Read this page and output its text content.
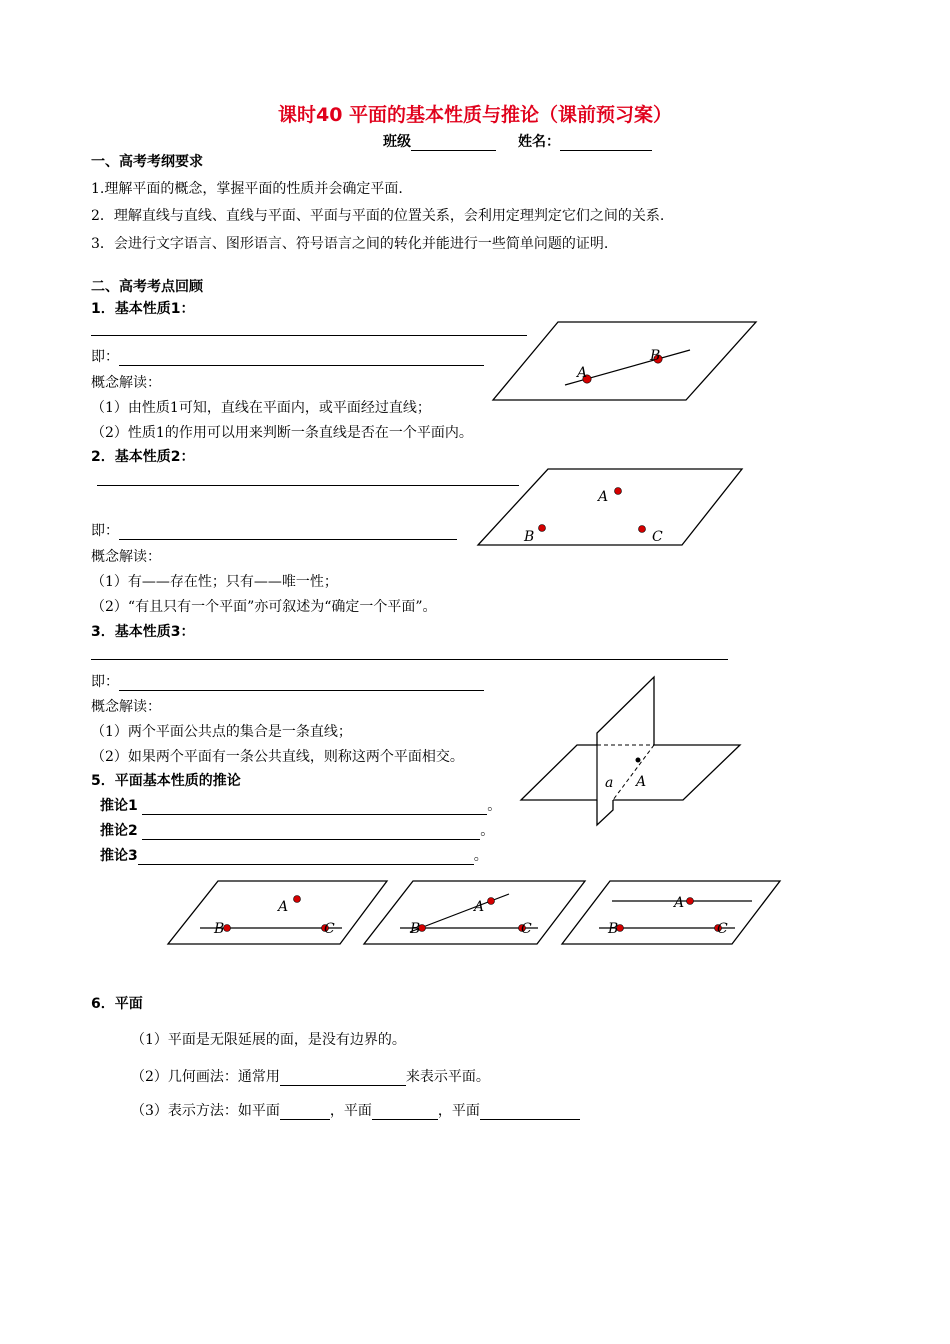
课时40 平面的基本性质与推论（课前预习案）
班级	姓名：
一、高考考纲要求
1.理解平面的概念，掌握平面的性质并会确定平面.
2．理解直线与直线、直线与平面、平面与平面的位置关系，会利用定理判定它们之间的关系.
3．会进行文字语言、图形语言、符号语言之间的转化并能进行一些简单问题的证明.
二、高考考点回顾
1．基本性质1：
即：
概念解读：
（1）由性质1可知，直线在平面内，或平面经过直线；
（2）性质1的作用可以用来判断一条直线是否在一个平面内。
A
B
2．基本性质2：
即：
概念解读：
（1）有——存在性；只有——唯一性；
（2）“有且只有一个平面”亦可叙述为“确定一个平面”。
A
B	C
3．基本性质3：
即：
概念解读：
（1）两个平面公共点的集合是一条直线；
（2）如果两个平面有一条公共直线，则称这两个平面相交。
a A
5．平面基本性质的推论
推论1	。
推论2	。
推论3	。
A
B	C
A
B	C
A
B	C
6．平面
（1）平面是无限延展的面，是没有边界的。
（2）几何画法：通常用	来表示平面。
（3）表示方法：如平面	，平面	，平面
